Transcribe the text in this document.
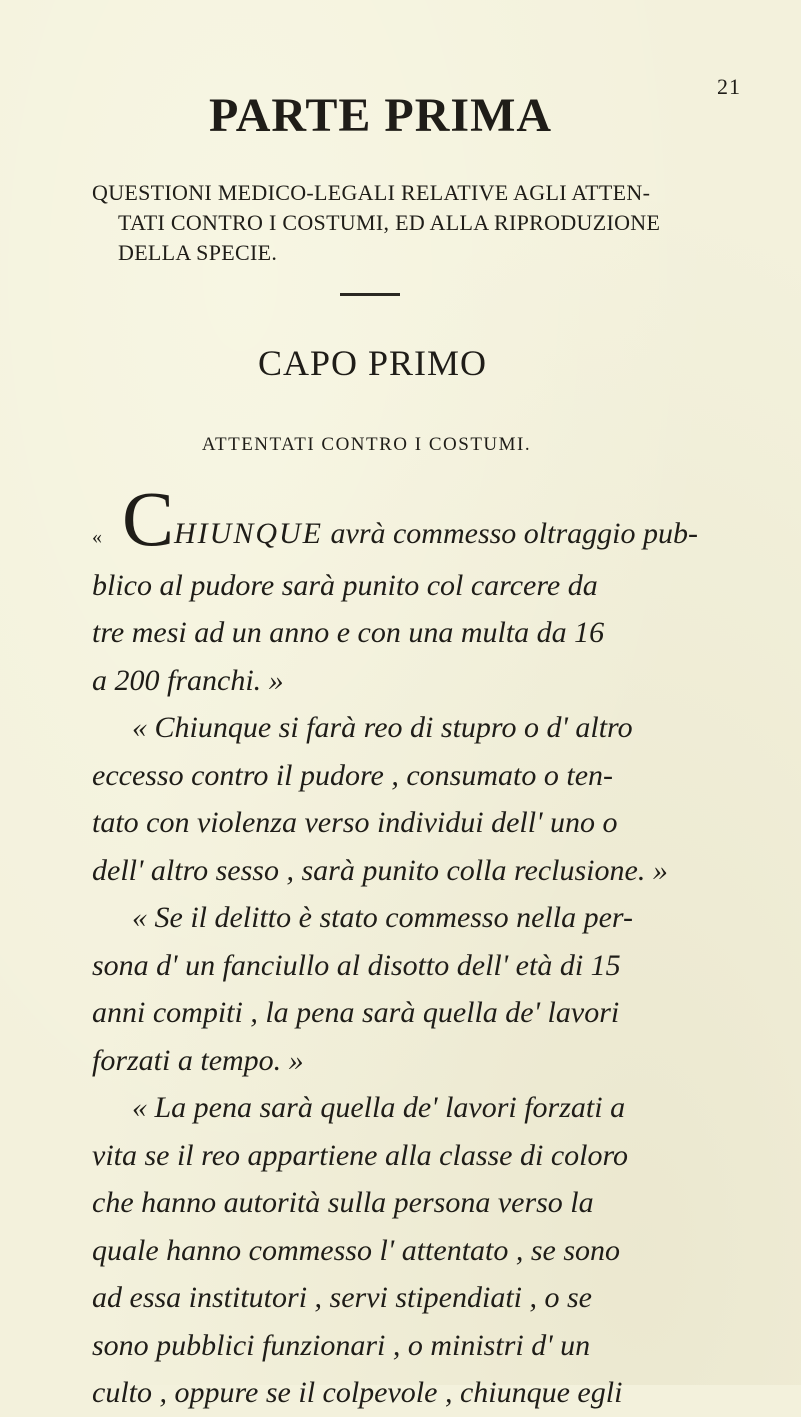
21
PARTE PRIMA
QUESTIONI MEDICO-LEGALI RELATIVE AGLI ATTEN-
TATI CONTRO I COSTUMI, ED ALLA RIPRODUZIONE
DELLA SPECIE.
CAPO PRIMO
ATTENTATI CONTRO I COSTUMI.
« C HIUNQUE avrà commesso oltraggio pub-
blico al pudore sarà punito col carcere da
tre mesi ad un anno e con una multa da 16
a 200 franchi. »
« Chiunque si farà reo di stupro o d' altro
eccesso contro il pudore , consumato o ten-
tato con violenza verso individui dell' uno o
dell' altro sesso , sarà punito colla reclusione. »
« Se il delitto è stato commesso nella per-
sona d' un fanciullo al disotto dell' età di 15
anni compiti , la pena sarà quella de' lavori
forzati a tempo. »
« La pena sarà quella de' lavori forzati a
vita se il reo appartiene alla classe di coloro
che hanno autorità sulla persona verso la
quale hanno commesso l' attentato , se sono
ad essa institutori , servi stipendiati , o se
sono pubblici funzionari , o ministri d' un
culto , oppure se il colpevole , chiunque egli
